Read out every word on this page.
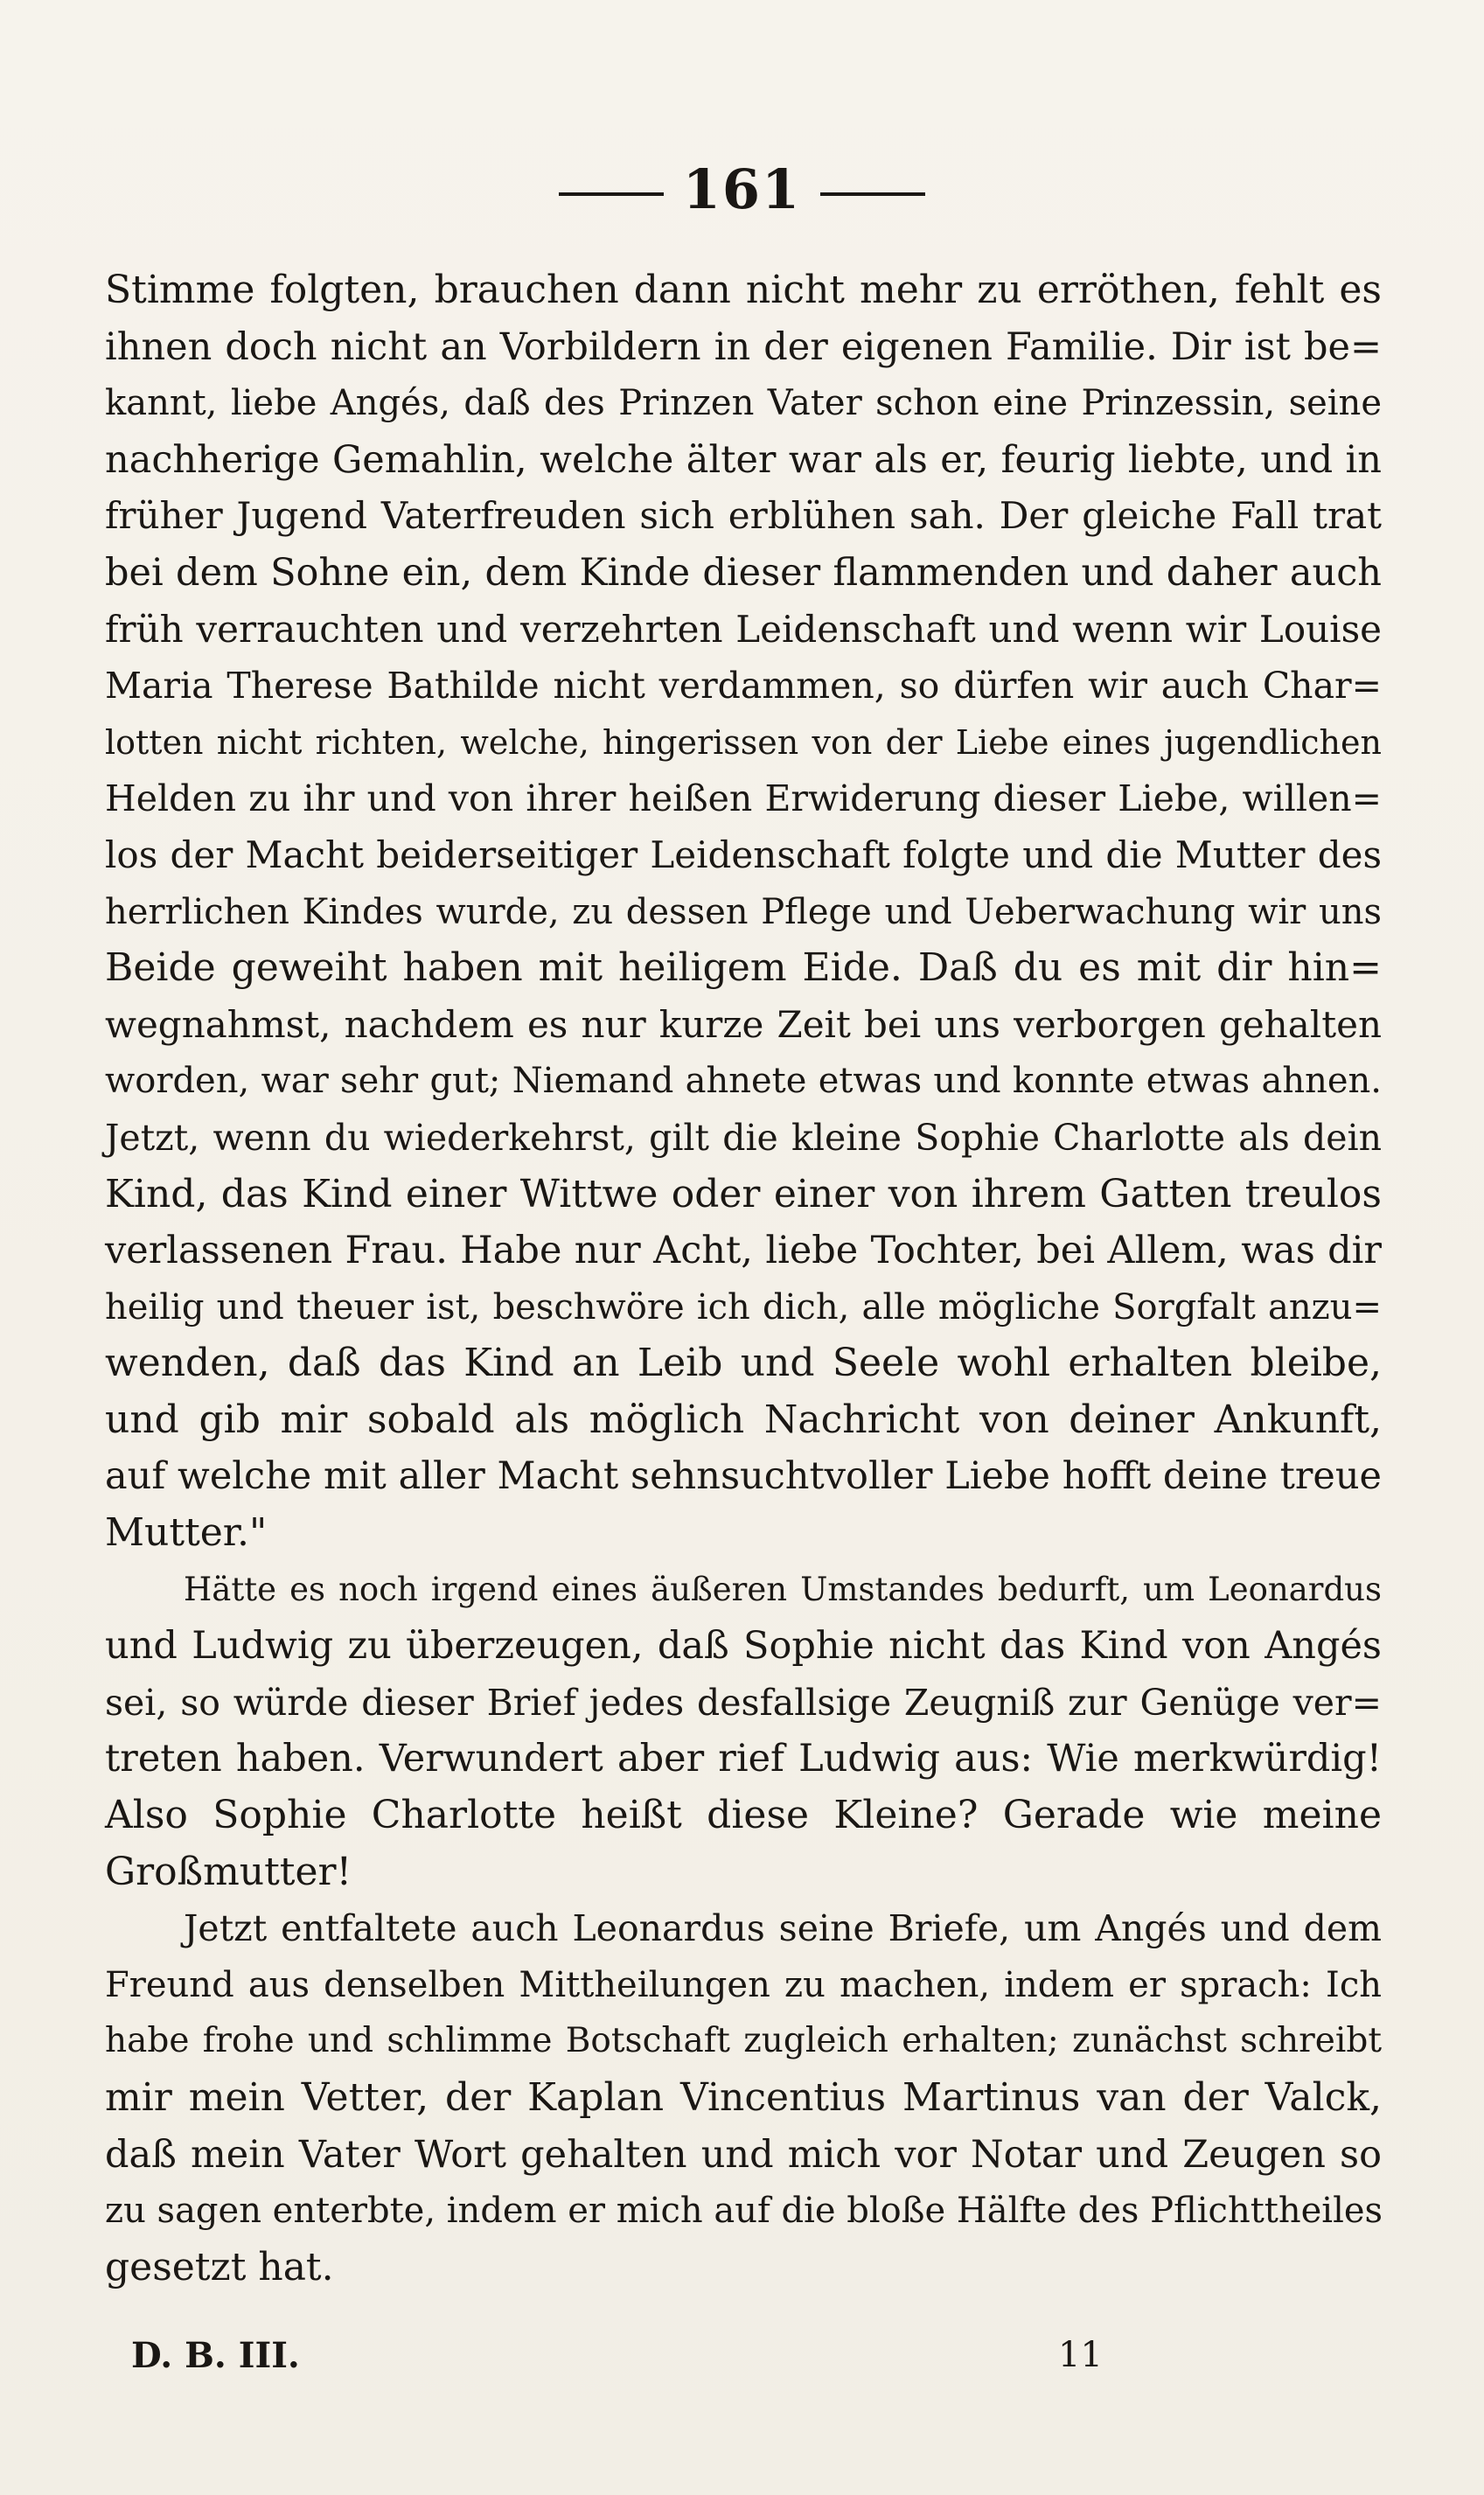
161
Stimme folgten, brauchen dann nicht mehr zu erröthen, fehlt es
ihnen doch nicht an Vorbildern in der eigenen Familie. Dir ist be=
kannt, liebe Angés, daß des Prinzen Vater schon eine Prinzessin, seine
nachherige Gemahlin, welche älter war als er, feurig liebte, und in
früher Jugend Vaterfreuden sich erblühen sah. Der gleiche Fall trat
bei dem Sohne ein, dem Kinde dieser flammenden und daher auch
früh verrauchten und verzehrten Leidenschaft und wenn wir Louise
Maria Therese Bathilde nicht verdammen, so dürfen wir auch Char=
lotten nicht richten, welche, hingerissen von der Liebe eines jugendlichen
Helden zu ihr und von ihrer heißen Erwiderung dieser Liebe, willen=
los der Macht beiderseitiger Leidenschaft folgte und die Mutter des
herrlichen Kindes wurde, zu dessen Pflege und Ueberwachung wir uns
Beide geweiht haben mit heiligem Eide. Daß du es mit dir hin=
wegnahmst, nachdem es nur kurze Zeit bei uns verborgen gehalten
worden, war sehr gut; Niemand ahnete etwas und konnte etwas ahnen.
Jetzt, wenn du wiederkehrst, gilt die kleine Sophie Charlotte als dein
Kind, das Kind einer Wittwe oder einer von ihrem Gatten treulos
verlassenen Frau. Habe nur Acht, liebe Tochter, bei Allem, was dir
heilig und theuer ist, beschwöre ich dich, alle mögliche Sorgfalt anzu=
wenden, daß das Kind an Leib und Seele wohl erhalten bleibe,
und gib mir sobald als möglich Nachricht von deiner Ankunft,
auf welche mit aller Macht sehnsuchtvoller Liebe hofft deine treue
Mutter."
Hätte es noch irgend eines äußeren Umstandes bedurft, um Leonardus
und Ludwig zu überzeugen, daß Sophie nicht das Kind von Angés
sei, so würde dieser Brief jedes desfallsige Zeugniß zur Genüge ver=
treten haben. Verwundert aber rief Ludwig aus: Wie merkwürdig!
Also Sophie Charlotte heißt diese Kleine? Gerade wie meine
Großmutter!
Jetzt entfaltete auch Leonardus seine Briefe, um Angés und dem
Freund aus denselben Mittheilungen zu machen, indem er sprach: Ich
habe frohe und schlimme Botschaft zugleich erhalten; zunächst schreibt
mir mein Vetter, der Kaplan Vincentius Martinus van der Valck,
daß mein Vater Wort gehalten und mich vor Notar und Zeugen so
zu sagen enterbte, indem er mich auf die bloße Hälfte des Pflichttheiles
gesetzt hat.
D. B. III.	11
